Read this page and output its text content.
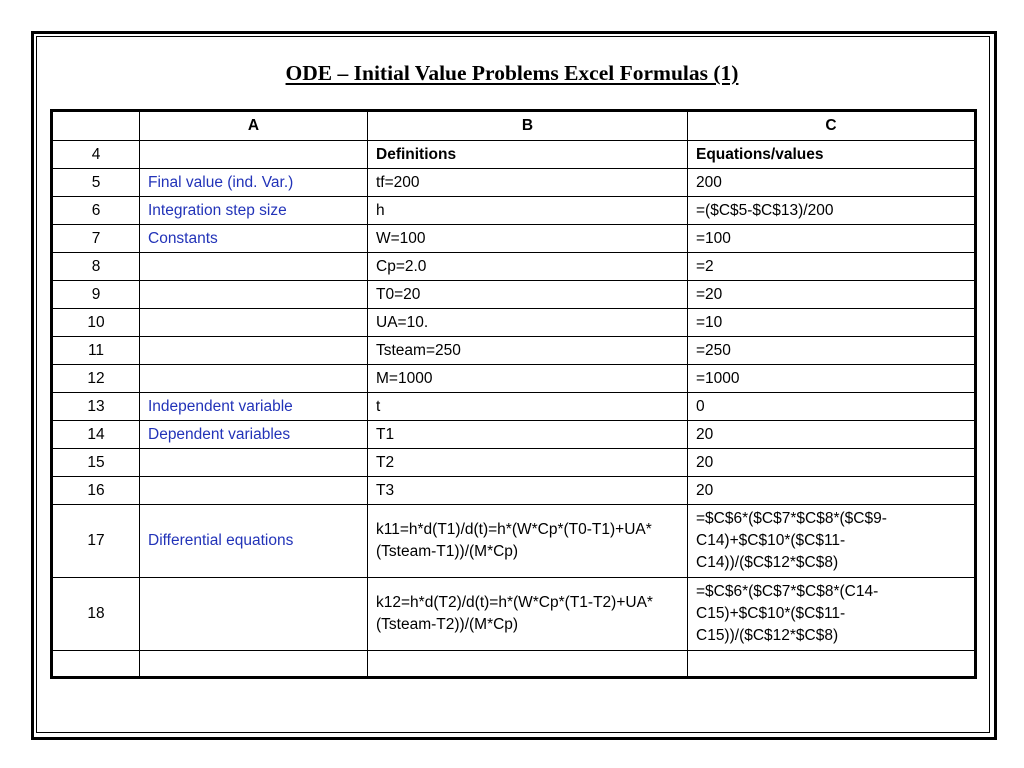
ODE – Initial Value Problems Excel Formulas (1)
	A	B	C
4		Definitions	Equations/values
5	Final value (ind. Var.)	tf=200	200
6	Integration step size	h	=($C$5-$C$13)/200
7	Constants	W=100	=100
8		Cp=2.0	=2
9		T0=20	=20
10		UA=10.	=10
11		Tsteam=250	=250
12		M=1000	=1000
13	Independent variable	t	0
14	Dependent variables	T1	20
15		T2	20
16		T3	20
17	Differential equations	k11=h*d(T1)/d(t)=h*(W*Cp*(T0-T1)+UA*(Tsteam-T1))/(M*Cp)	=$C$6*($C$7*$C$8*($C$9-C14)+$C$10*($C$11-C14))/($C$12*$C$8)
18		k12=h*d(T2)/d(t)=h*(W*Cp*(T1-T2)+UA*(Tsteam-T2))/(M*Cp)	=$C$6*($C$7*$C$8*(C14-C15)+$C$10*($C$11-C15))/($C$12*$C$8)
